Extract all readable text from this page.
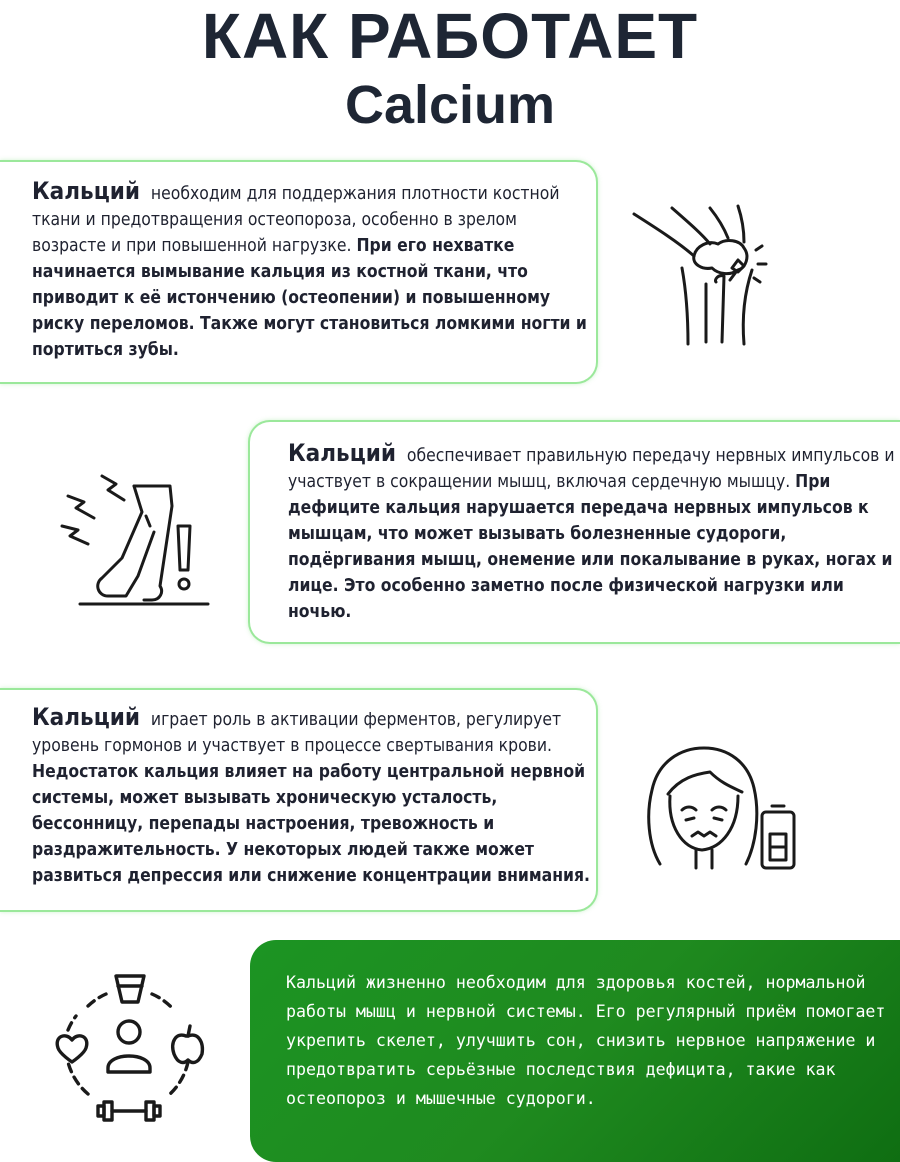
КАК РАБОТАЕТ
Calcium
Кальций необходим для поддержания плотности костной ткани и предотвращения остеопороза, особенно в зрелом возрасте и при повышенной нагрузке. При его нехватке начинается вымывание кальция из костной ткани, что приводит к её истончению (остеопении) и повышенному риску переломов. Также могут становиться ломкими ногти и портиться зубы.
Кальций обеспечивает правильную передачу нервных импульсов и участвует в сокращении мышц, включая сердечную мышцу. При дефиците кальция нарушается передача нервных импульсов к мышцам, что может вызывать болезненные судороги, подёргивания мышц, онемение или покалывание в руках, ногах и лице. Это особенно заметно после физической нагрузки или ночью.
Кальций играет роль в активации ферментов, регулирует уровень гормонов и участвует в процессе свертывания крови. Недостаток кальция влияет на работу центральной нервной системы, может вызывать хроническую усталость, бессонницу, перепады настроения, тревожность и раздражительность. У некоторых людей также может развиться депрессия или снижение концентрации внимания.
Кальций жизненно необходим для здоровья костей, нормальной работы мышц и нервной системы. Его регулярный приём помогает укрепить скелет, улучшить сон, снизить нервное напряжение и предотвратить серьёзные последствия дефицита, такие как остеопороз и мышечные судороги.
